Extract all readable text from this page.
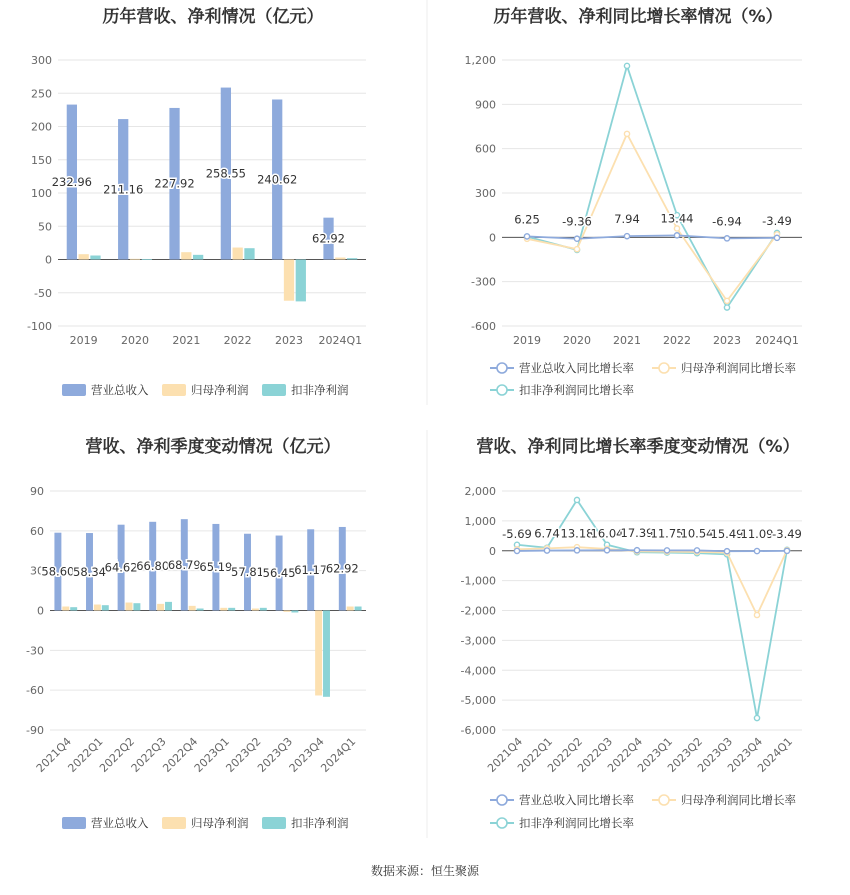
历年营收、净利情况（亿元）
300
250
200
150
100
50
0
-50
-100
2019 2020 2021 2022 2023 2024Q1
232.96
211.16 227.92
258.55 240.62
62.92
营业总收入	归母净利润	扣非净利润
历年营收、净利同比增长率情况（%）
1,200
900
600
300
0
-300
-600
2019 2020 2021 2022 2023 2024Q1
6.25 -9.36 7.94 13.44 -6.94 -3.49
营业总收入同比增长率	归母净利润同比增长率
扣非净利润同比增长率
营收、净利季度变动情况（亿元）
90
60
30
0
-30
-60
-90
2021Q4
2022Q1
2022Q2
2022Q3
2022Q4
2023Q1
2023Q2
2023Q3
2023Q4
2024Q1
58.60
58.34
64.62
66.80
68.79
65.19
57.81
56.45
61.17
62.92
营业总收入	归母净利润	扣非净利润
营收、净利同比增长率季度变动情况（%）
2,000
1,000
0
-1,000
-2,000
-3,000
-4,000
-5,000
-6,000
2021Q4
2022Q1
2022Q2
2022Q3
2022Q4
2023Q1
2023Q2
2023Q3
2023Q4
2024Q1
-5.69 6.74 13.18
16.04
17.39
11.75
10.54
15.49
11.09
-3.49
营业总收入同比增长率	归母净利润同比增长率
扣非净利润同比增长率
数据来源：恒生聚源
